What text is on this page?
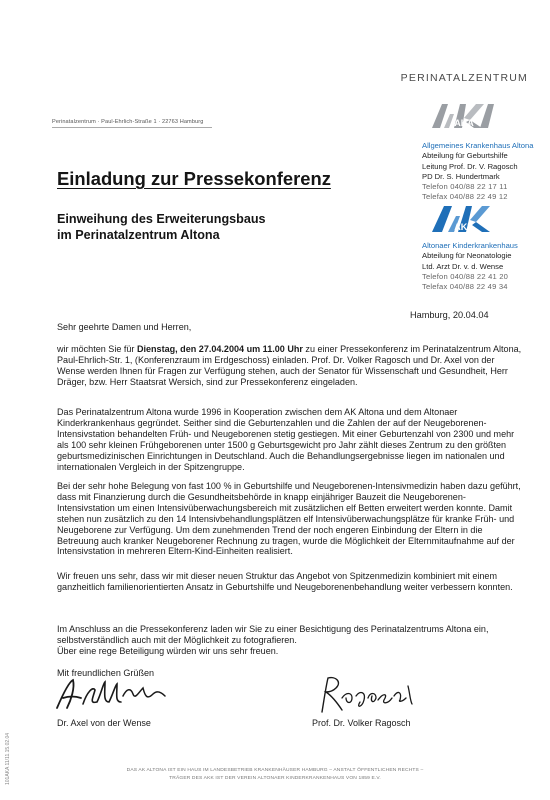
PERINATALZENTRUM
Perinatalzentrum · Paul-Ehrlich-Straße 1 · 22763 Hamburg	AKA
Allgemeines Krankenhaus Altona
Abteilung für Geburtshilfe
Leitung Prof. Dr. V. Ragosch
PD Dr. S. Hundertmark
Telefon 040/88 22 17 11
Telefax 040/88 22 49 12
AKK
Altonaer Kinderkrankenhaus
Abteilung für Neonatologie
Ltd. Arzt Dr. v. d. Wense
Telefon 040/88 22 41 20
Telefax 040/88 22 49 34
Einladung zur Pressekonferenz
Einweihung des Erweiterungsbaus
im Perinatalzentrum Altona
Hamburg, 20.04.04
Sehr geehrte Damen und Herren,
wir möchten Sie für Dienstag, den 27.04.2004 um 11.00 Uhr zu einer Pressekonferenz im Perinatalzentrum Altona, Paul-Ehrlich-Str. 1, (Konferenzraum im Erdgeschoss) einladen. Prof. Dr. Volker Ragosch und Dr. Axel von der Wense werden Ihnen für Fragen zur Verfügung stehen, auch der Senator für Wissenschaft und Gesundheit, Herr Dräger, bzw. Herr Staatsrat Wersich, sind zur Pressekonferenz eingeladen.
Das Perinatalzentrum Altona wurde 1996 in Kooperation zwischen dem AK Altona und dem Altonaer Kinderkrankenhaus gegründet. Seither sind die Geburtenzahlen und die Zahlen der auf der Neugeborenen-Intensivstation behandelten Früh- und Neugeborenen stetig gestiegen. Mit einer Geburtenzahl von 2300 und mehr als 100 sehr kleinen Frühgeborenen unter 1500 g Geburtsgewicht pro Jahr zählt dieses Zentrum zu den größten geburtsmedizinischen Einrichtungen in Deutschland. Auch die Behandlungsergebnisse liegen im nationalen und internationalen Vergleich in der Spitzengruppe.
Bei der sehr hohe Belegung von fast 100 % in Geburtshilfe und Neugeborenen-Intensivmedizin haben dazu geführt, dass mit Finanzierung durch die Gesundheitsbehörde in knapp einjähriger Bauzeit die Neugeborenen-Intensivstation um einen Intensivüberwachungsbereich mit zusätzlichen elf Betten erweitert werden konnte. Damit stehen nun zusätzlich zu den 14 Intensivbehandlungsplätzen elf Intensivüberwachungsplätze für kranke Früh- und Neugeborene zur Verfügung. Um dem zunehmenden Trend der noch engeren Einbindung der Eltern in die Betreuung auch kranker Neugeborener Rechnung zu tragen, wurde die Möglichkeit der Elternmitaufnahme auf der Intensivstation in mehreren Eltern-Kind-Einheiten realisiert.
Wir freuen uns sehr, dass wir mit dieser neuen Struktur das Angebot von Spitzenmedizin kombiniert mit einem ganzheitlich familienorientierten Ansatz in Geburtshilfe und Neugeborenenbehandlung weiter verbessern konnten.
Im Anschluss an die Pressekonferenz laden wir Sie zu einer Besichtigung des Perinatalzentrums Altona ein, selbstverständlich auch mit der Möglichkeit zu fotografieren.
Über eine rege Beteiligung würden wir uns sehr freuen.
Mit freundlichen Grüßen
Dr. Axel von der Wense	Prof. Dr. Volker Ragosch
DAS AK ALTONA IST EIN HAUS IM LANDESBETRIEB KRANKENHÄUSER HAMBURG – ANSTALT ÖFFENTLICHEN RECHTS –
TRÄGER DES AKK IST DER VEREIN ALTONAER KINDERKRANKENHAUS VON 1859 E.V.
101AKA 11/11.15.02.04
